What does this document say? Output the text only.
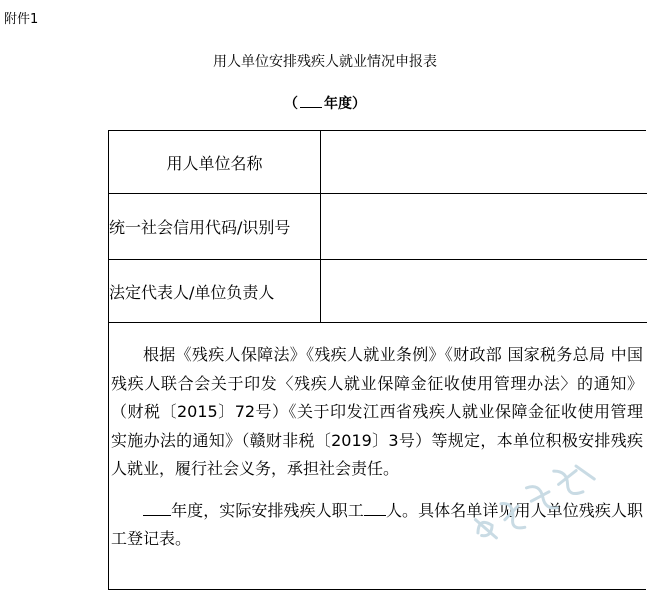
附件1
用人单位安排残疾人就业情况申报表
（ 年度）
用人单位名称
统一社会信用代码/识别号
法定代表人/单位负责人

根据《残疾人保障法》《残疾人就业条例》《财政部 国家税务总局 中国残疾人联合会关于印发〈残疾人就业保障金征收使用管理办法〉的通知》（财税〔2015〕72号）《关于印发江西省残疾人就业保障金征收使用管理实施办法的通知》（赣财非税〔2019〕3号）等规定，本单位积极安排残疾人就业，履行社会义务，承担社会责任。

年度，实际安排残疾人职工 人。具体名单详见用人单位残疾人职工登记表。
